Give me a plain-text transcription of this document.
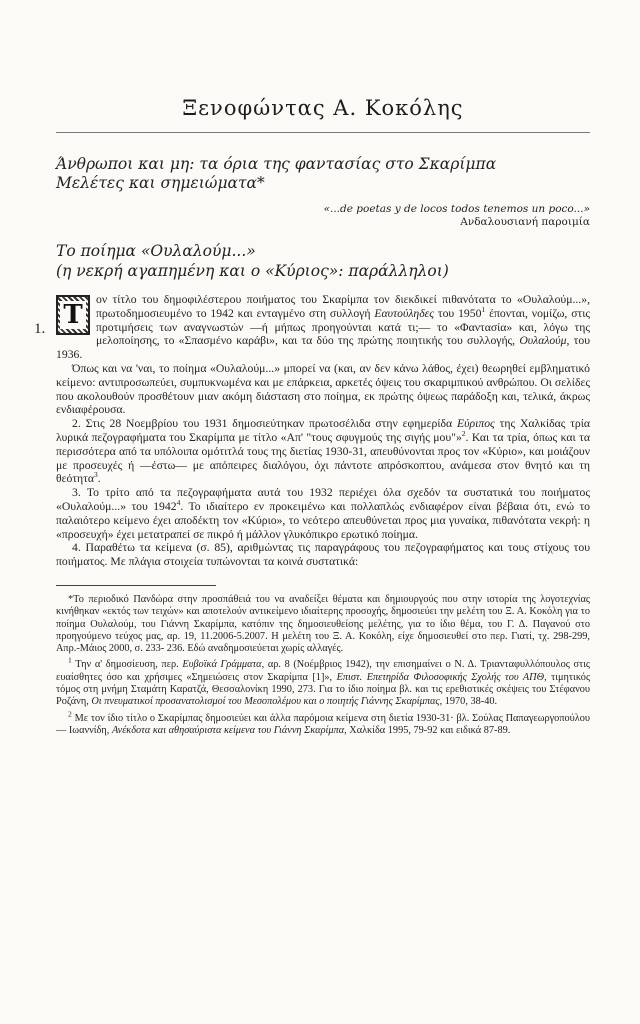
Ξενοφώντας Α. Κοκόλης
Άνθρωποι και μη: τα όρια της φαντασίας στο Σκαρίμπα
Μελέτες και σημειώματα*
«...de poetas y de locos todos tenemos un poco...»
Ανδαλουσιανή παροιμία
Το ποίημα «Ουλαλούμ...»
(η νεκρή αγαπημένη και ο «Κύριος»: παράλληλοι)

1. Τ
ον τίτλο του δημοφιλέστερου ποιήματος του Σκαρίμπα τον διεκδικεί πιθανότατα το «Ουλαλούμ...», πρωτοδημοσιευμένο το 1942 και ενταγμένο στη συλλογή Εαυτούληδες του 1950$^1$ έπονται, νομίζω, στις προτιμήσεις των αναγνωστών —ή μήπως προηγούνται κατά τι;— το «Φαντασία» και, λόγω της μελοποίησης, το «Σπασμένο καράβι», και τα δύο της πρώτης ποιητικής του συλλογής, Ουλαλούμ, του 1936.

Όπως και να 'ναι, το ποίημα «Ουλαλούμ...» μπορεί να (και, αν δεν κάνω λάθος, έχει) θεωρηθεί εμβληματικό κείμενο: αντιπροσωπεύει, συμπυκνωμένα και με επάρκεια, αρκετές όψεις του σκαριμπικού ανθρώπου. Οι σελίδες που ακολουθούν προσθέτουν μιαν ακόμη διάσταση στο ποίημα, εκ πρώτης όψεως παράδοξη και, τελικά, άκρως ενδιαφέρουσα.

2. Στις 28 Νοεμβρίου του 1931 δημοσιεύτηκαν πρωτοσέλιδα στην εφημερίδα Εύριπος της Χαλκίδας τρία λυρικά πεζογραφήματα του Σκαρίμπα με τίτλο «Απ' "τους σφυγμούς της σιγής μου"»$^2$. Και τα τρία, όπως και τα περισσότερα από τα υπόλοιπα ομότιτλά τους της διετίας 1930-31, απευθύνονται προς τον «Κύριο», και μοιάζουν με προσευχές ή —έστω— με απόπειρες διαλόγου, όχι πάντοτε απρόσκοπτου, ανάμεσα στον θνητό και τη θεότητα$^3$.

3. Το τρίτο από τα πεζογραφήματα αυτά του 1932 περιέχει όλα σχεδόν τα συστατικά του ποιήματος «Ουλαλούμ...» του 1942$^4$. Το ιδιαίτερο εν προκειμένω και πολλαπλώς ενδιαφέρον είναι βέβαια ότι, ενώ το παλαιότερο κείμενο έχει αποδέκτη τον «Κύριο», το νεότερο απευθύνεται προς μια γυναίκα, πιθανότατα νεκρή: η «προσευχή» έχει μετατραπεί σε πικρό ή μάλλον γλυκόπικρο ερωτικό ποίημα.

4. Παραθέτω τα κείμενα (σ. 85), αριθμώντας τις παραγράφους του πεζογραφήματος και τους στίχους του ποιήματος. Με πλάγια στοιχεία τυπώνονται τα κοινά συστατικά:

*Το περιοδικό Πανδώρα στην προσπάθειά του να αναδείξει θέματα και δημιουργούς που στην ιστορία της λογοτεχνίας κινήθηκαν «εκτός των τειχών» και αποτελούν αντικείμενο ιδιαίτερης προσοχής, δημοσιεύει την μελέτη του Ξ. Α. Κοκόλη για το ποίημα Ουλαλούμ, του Γιάννη Σκαρίμπα, κατόπιν της δημοσιευθείσης μελέτης, για το ίδιο θέμα, του Γ. Δ. Παγανού στο προηγούμενο τεύχος μας, αρ. 19, 11.2006-5.2007. Η μελέτη του Ξ. Α. Κοκόλη, είχε δημοσιευθεί στο περ. Γιατί, τχ. 298-299, Απρ.-Μάιος 2000, σ. 233- 236. Εδώ αναδημοσιεύεται χωρίς αλλαγές.

$^1$ Την α' δημοσίευση, περ. Ευβοϊκά Γράμματα, αρ. 8 (Νοέμβριος 1942), την επισημαίνει ο Ν. Δ. Τριανταφυλλόπουλος στις ευαίσθητες όσο και χρήσιμες «Σημειώσεις στον Σκαρίμπα [1]», Επιστ. Επετηρίδα Φιλοσοφικής Σχολής του ΑΠΘ, τιμητικός τόμος στη μνήμη Σταμάτη Καρατζά, Θεσσαλονίκη 1990, 273. Για το ίδιο ποίημα βλ. και τις ερεθιστικές σκέψεις του Στέφανου Ροζάνη, Οι πνευματικοί προσανατολισμοί του Μεσοπολέμου και ο ποιητής Γιάννης Σκαρίμπας, 1970, 38-40.

$^2$ Με τον ίδιο τίτλο ο Σκαρίμπας δημοσιεύει και άλλα παρόμοια κείμενα στη διετία 1930-31· βλ. Σούλας Παπαγεωργοπούλου — Ιωαννίδη, Ανέκδοτα και αθησαύριστα κείμενα του Γιάννη Σκαρίμπα, Χαλκίδα 1995, 79-92 και ειδικά 87-89.
